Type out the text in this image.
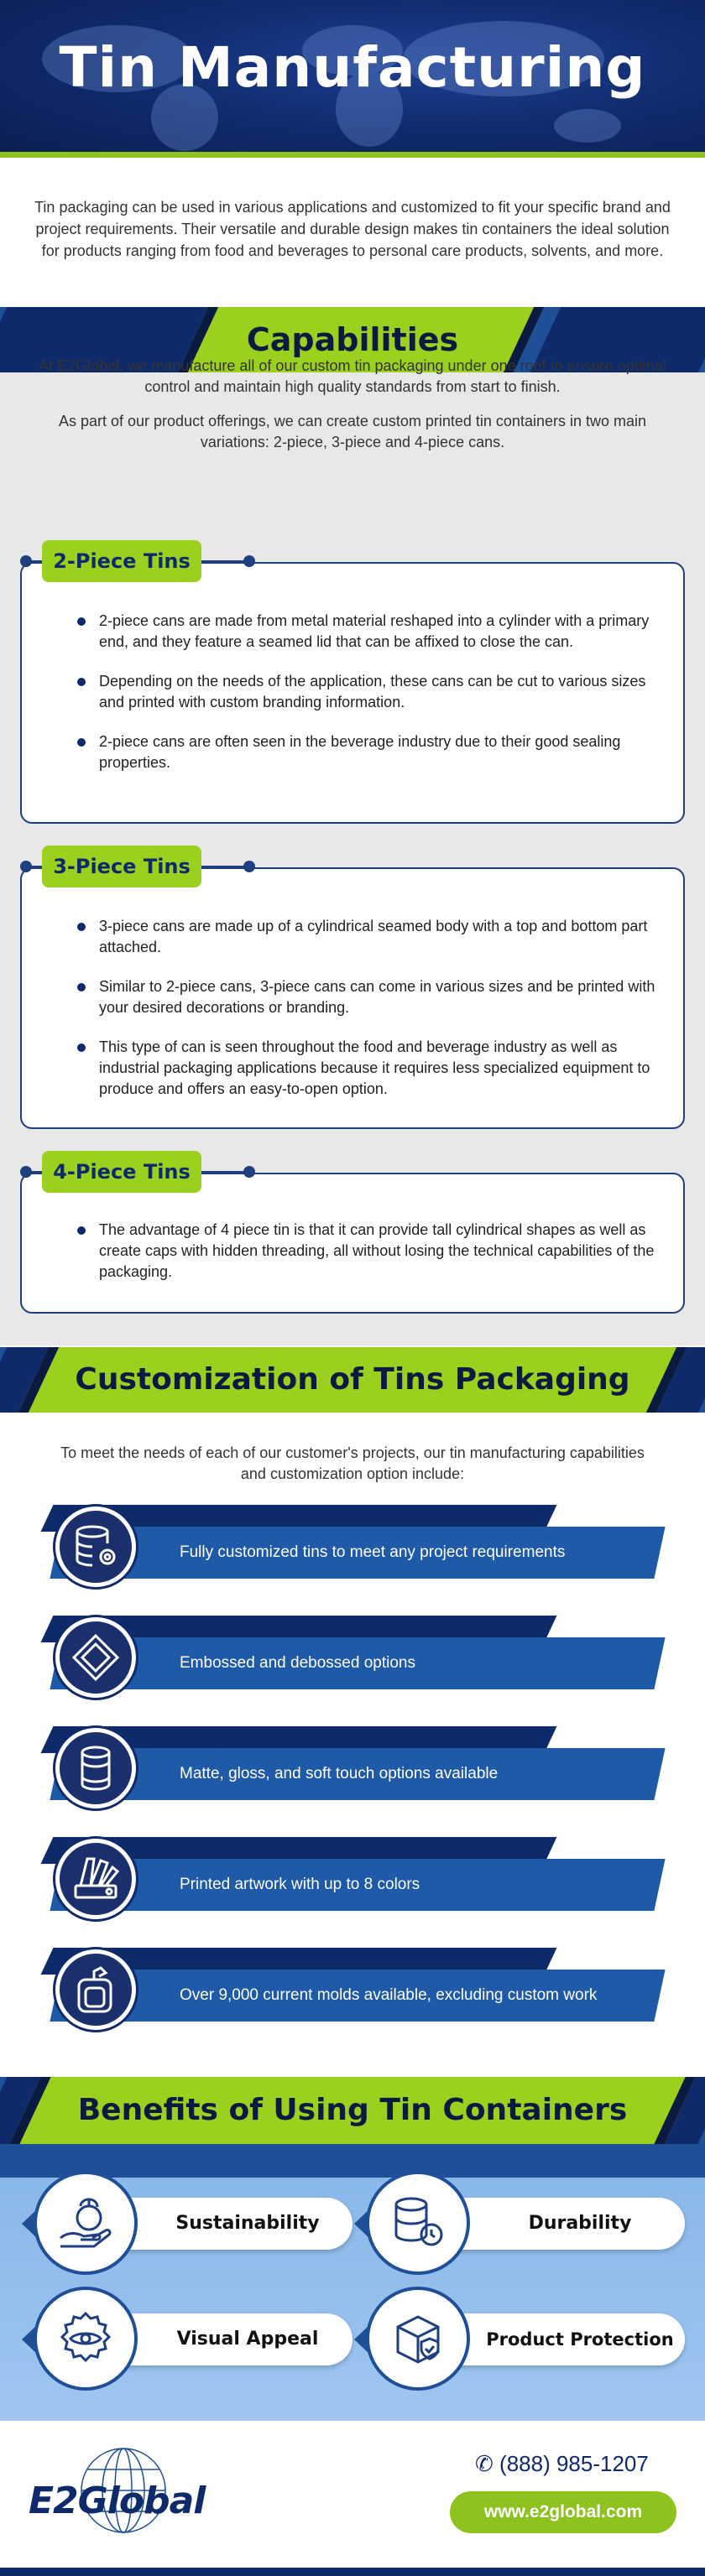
Tin Manufacturing

Tin packaging can be used in various applications and customized to fit your specific brand and project requirements. Their versatile and durable design makes tin containers the ideal solution for products ranging from food and beverages to personal care products, solvents, and more.

Capabilities

At E2Global, we manufacture all of our custom tin packaging under one roof to ensure optimal control and maintain high quality standards from start to finish.

As part of our product offerings, we can create custom printed tin containers in two main variations: 2-piece, 3-piece and 4-piece cans.

2-piece cans are made from metal material reshaped into a cylinder with a primary end, and they feature a seamed lid that can be affixed to close the can.
Depending on the needs of the application, these cans can be cut to various sizes and printed with custom branding information.
2-piece cans are often seen in the beverage industry due to their good sealing properties.
2-Piece Tins
3-piece cans are made up of a cylindrical seamed body with a top and bottom part attached.
Similar to 2-piece cans, 3-piece cans can come in various sizes and be printed with your desired decorations or branding.
This type of can is seen throughout the food and beverage industry as well as industrial packaging applications because it requires less specialized equipment to produce and offers an easy-to-open option.
3-Piece Tins
The advantage of 4 piece tin is that it can provide tall cylindrical shapes as well as create caps with hidden threading, all without losing the technical capabilities of the packaging.
4-Piece Tins
Customization of Tins Packaging

To meet the needs of each of our customer's projects, our tin manufacturing capabilities and customization option include:

Fully customized tins to meet any project requirements
Embossed and debossed options
Matte, gloss, and soft touch options available
Printed artwork with up to 8 colors
Over 9,000 current molds available, excluding custom work
Benefits of Using Tin Containers
Sustainability	Durability
Visual Appeal	Product Protection
E2Global
✆ (888) 985-1207
www.e2global.com
